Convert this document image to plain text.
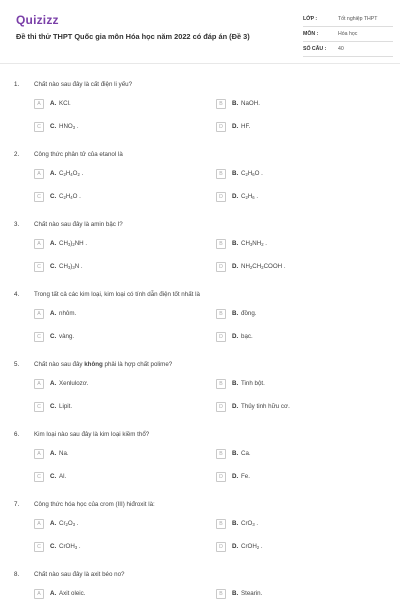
Quizizz
Đề thi thử THPT Quốc gia môn Hóa học năm 2022 có đáp án (Đề 3)
LỚP :	Tốt nghiệp THPT
MÔN :	Hóa học
SỐ CÂU : 40
1. Chất nào sau đây là cất điện li yếu?
A	A. KCl.	B	B. NaOH.
C	C. $HNO_3$ .	D	D. HF.
2. Công thức phân tử của etanol là
A	A. $C_2H_4O_2$ .	B	B. $C_2H_6O$ .
C	C. $C_2H_4O$ .	D	D. $C_2H_6$ .
3. Chất nào sau đây là amin bậc I?
A	A. $CH_3)_2NH$ .	B	B. $CH_3NH_2$ .
C	C. $CH_3)_3N$ .	D	D. $NH_2CH_2COOH$ .
4. Trong tất cả các kim loại, kim loại có tính dẫn điện tốt nhất là
A	A. nhôm.	B	B. đồng.
C	C. vàng.	D	D. bạc.
5. Chất nào sau đây không phải là hợp chất polime?
A	A. Xenlulozơ.	B	B. Tinh bột.
C	C. Lipit.	D	D. Thủy tinh hữu cơ.
6. Kim loại nào sau đây là kim loại kiềm thổ?
A	A. Na.	B	B. Ca.
C	C. Al.	D	D. Fe.
7. Công thức hóa học của crom (III) hiđroxit là:
A	A. $Cr_2O_3$ .	B	B. CrO$_3$ .
C	C. CrOH$_3$ .	D	D. CrOH$_2$ .
8. Chất nào sau đây là axit béo no?
A	A. Axit oleic.	B	B. Stearin.
